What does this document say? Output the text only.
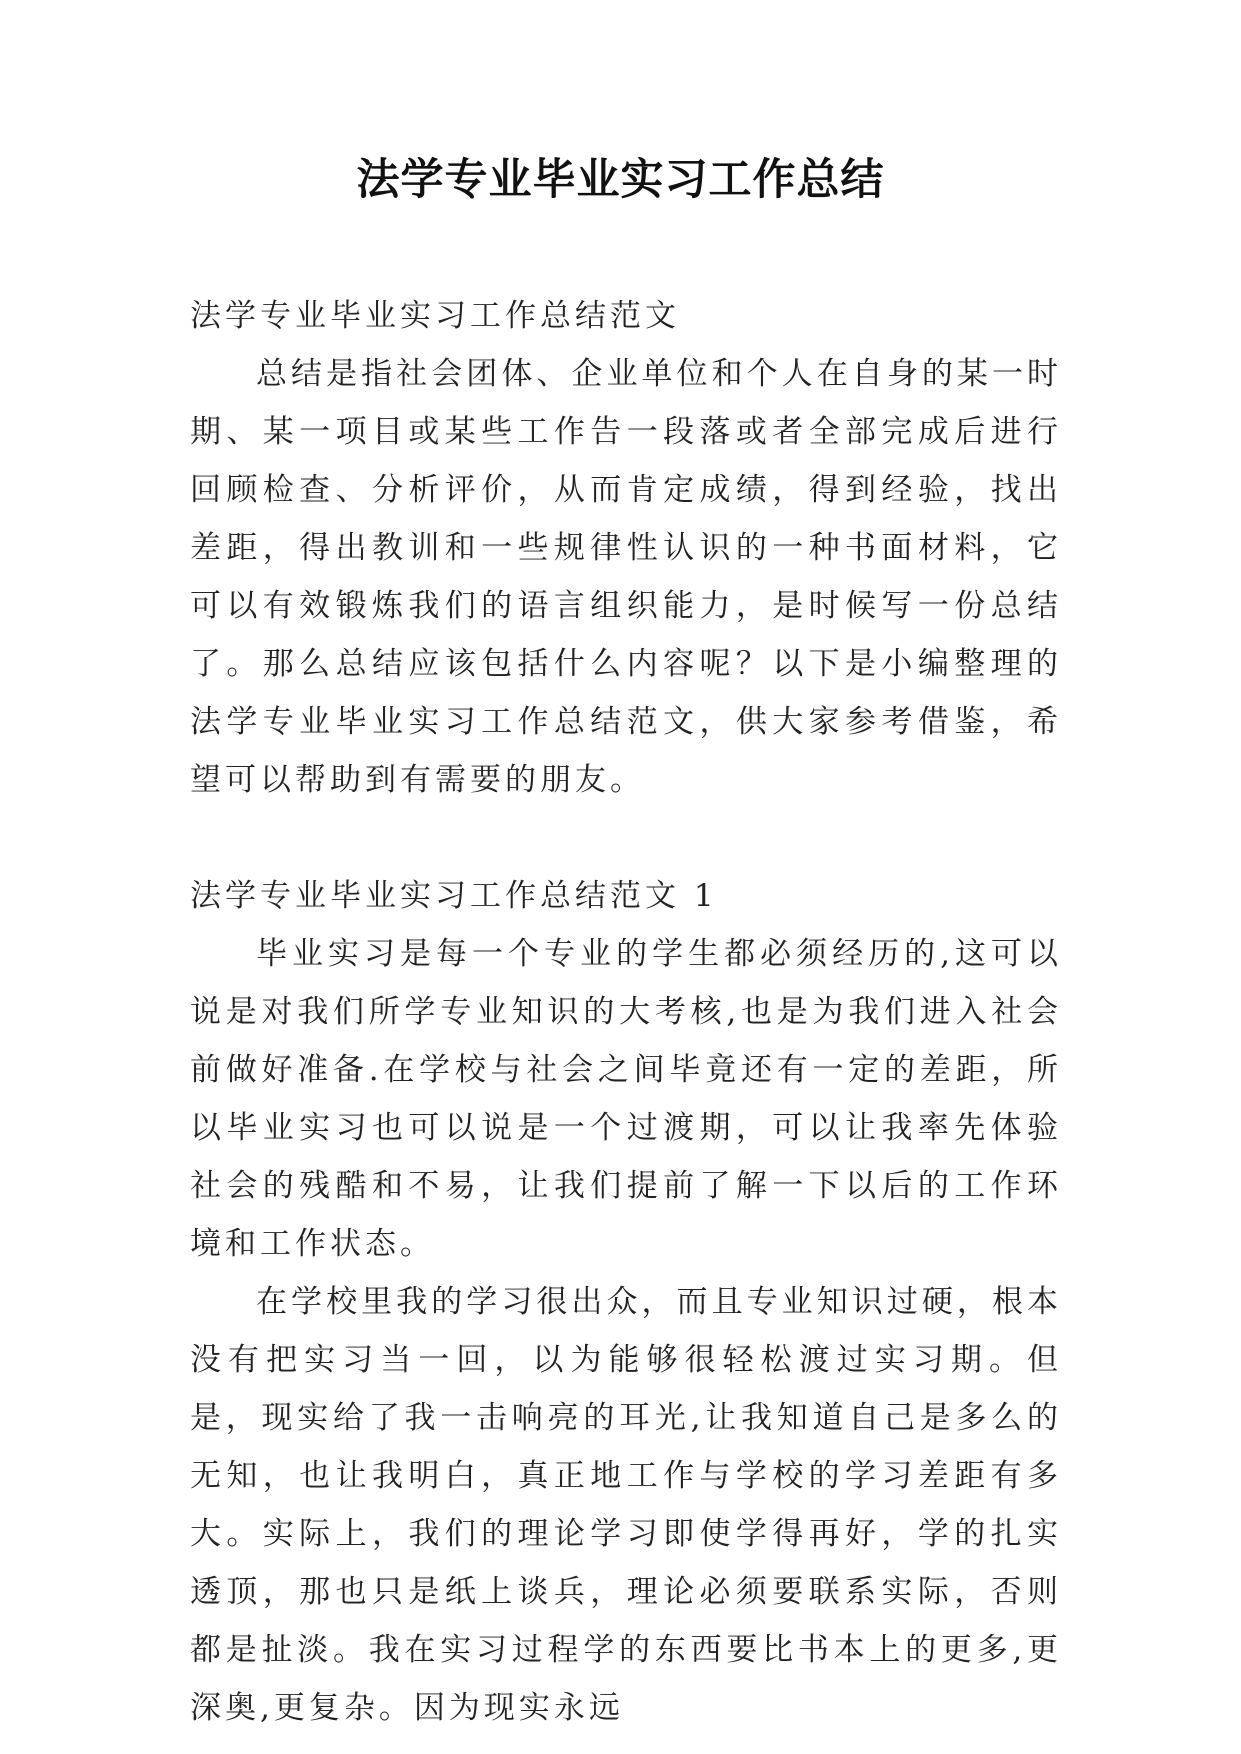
法学专业毕业实习工作总结

法学专业毕业实习工作总结范文

总结是指社会团体、企业单位和个人在自身的某一时期、某一项目或某些工作告一段落或者全部完成后进行回顾检查、分析评价，从而肯定成绩，得到经验，找出差距，得出教训和一些规律性认识的一种书面材料，它可以有效锻炼我们的语言组织能力，是时候写一份总结了。那么总结应该包括什么内容呢？以下是小编整理的法学专业毕业实习工作总结范文，供大家参考借鉴，希望可以帮助到有需要的朋友。

法学专业毕业实习工作总结范文 1

毕业实习是每一个专业的学生都必须经历的,这可以说是对我们所学专业知识的大考核,也是为我们进入社会前做好准备.在学校与社会之间毕竟还有一定的差距，所以毕业实习也可以说是一个过渡期，可以让我率先体验社会的残酷和不易，让我们提前了解一下以后的工作环境和工作状态。

在学校里我的学习很出众，而且专业知识过硬，根本没有把实习当一回，以为能够很轻松渡过实习期。但是，现实给了我一击响亮的耳光,让我知道自己是多么的无知，也让我明白，真正地工作与学校的学习差距有多大。实际上，我们的理论学习即使学得再好，学的扎实透顶，那也只是纸上谈兵，理论必须要联系实际，否则都是扯淡。我在实习过程学的东西要比书本上的更多,更深奥,更复杂。因为现实永远
